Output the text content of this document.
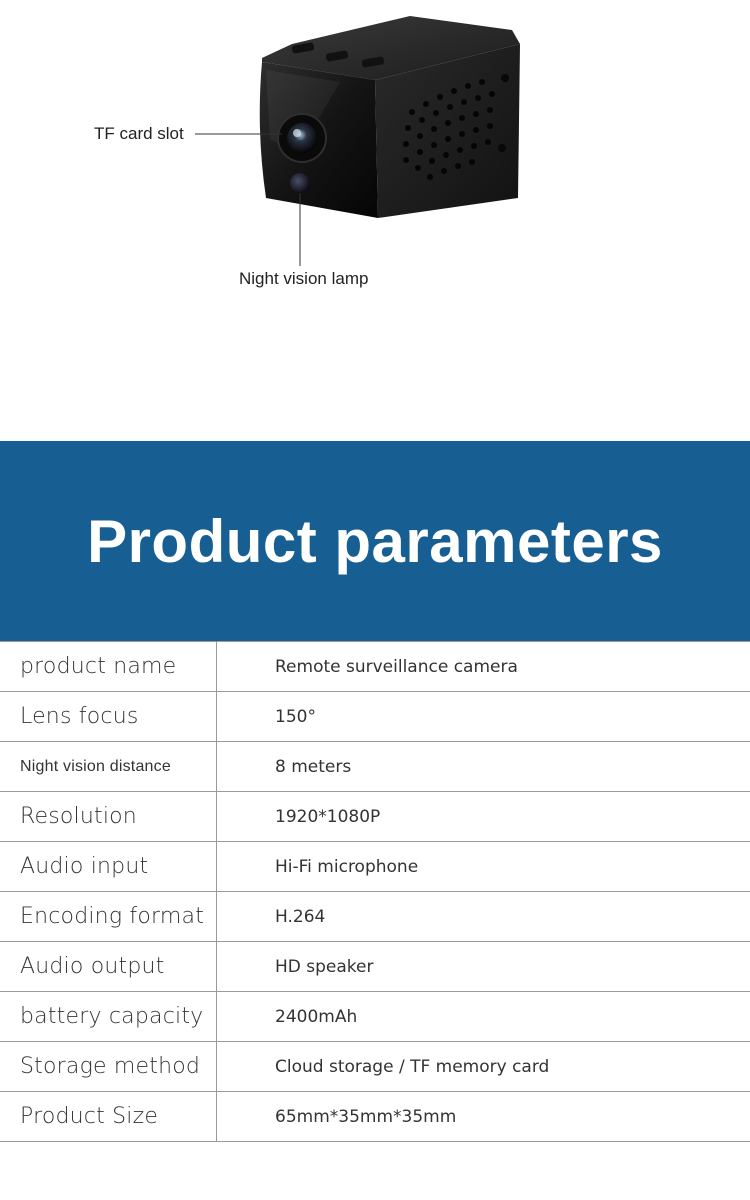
TF card slot
Night vision lamp
Product parameters
product name	Remote surveillance camera
Lens focus	150°
Night vision distance	8 meters
Resolution	1920*1080P
Audio input	Hi-Fi microphone
Encoding format	H.264
Audio output	HD speaker
battery capacity	2400mAh
Storage method	Cloud storage / TF memory card
Product Size	65mm*35mm*35mm
